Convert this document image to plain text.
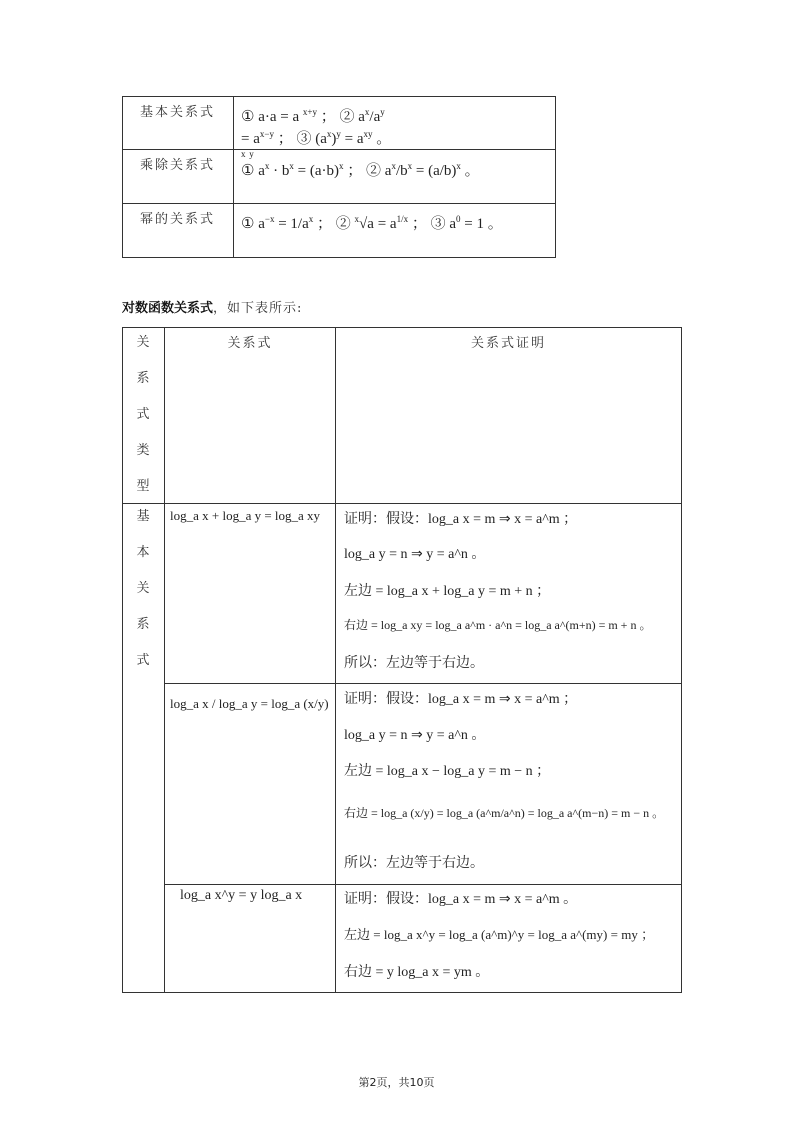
基本关系式 ① a·a = a $^{x+y}$ ； ② $a^x/a^y$
= $a^{x-y}$ ； ③ $(a^x)^y = a^{xy}$ 。
x y
乘除关系式 ① $a^x \cdot b^x = (a\cdot b)^x$ ； ② $a^x/b^x = (a/b)^x$ 。
幂的关系式 ① $a^{-x} = 1/a^x$ ； ② $^x√a = a^{1/x}$ ； ③ $a^0 = 1$ 。
对数函数关系式，如下表所示:
关
系
式
类
型
关系式	关系式证明
基
本
关
系
式
log_a x + log_a y = log_a xy 证明：假设：log_a x = m ⇒ x = a^m ；
log_a y = n ⇒ y = a^n 。
左边 = log_a x + log_a y = m + n ；
右边 = log_a xy = log_a a^m · a^n = log_a a^(m+n) = m + n 。
所以：左边等于右边。
log_a x / log_a y = log_a (x/y) 证明：假设：log_a x = m ⇒ x = a^m ；
log_a y = n ⇒ y = a^n 。
左边 = log_a x − log_a y = m − n ；
右边 = log_a (x/y) = log_a (a^m/a^n) = log_a a^(m−n) = m − n 。
所以：左边等于右边。
log_a x^y = y log_a x	证明：假设：log_a x = m ⇒ x = a^m 。
左边 = log_a x^y = log_a (a^m)^y = log_a a^(my) = my ；
右边 = y log_a x = ym 。
第2页，共10页
